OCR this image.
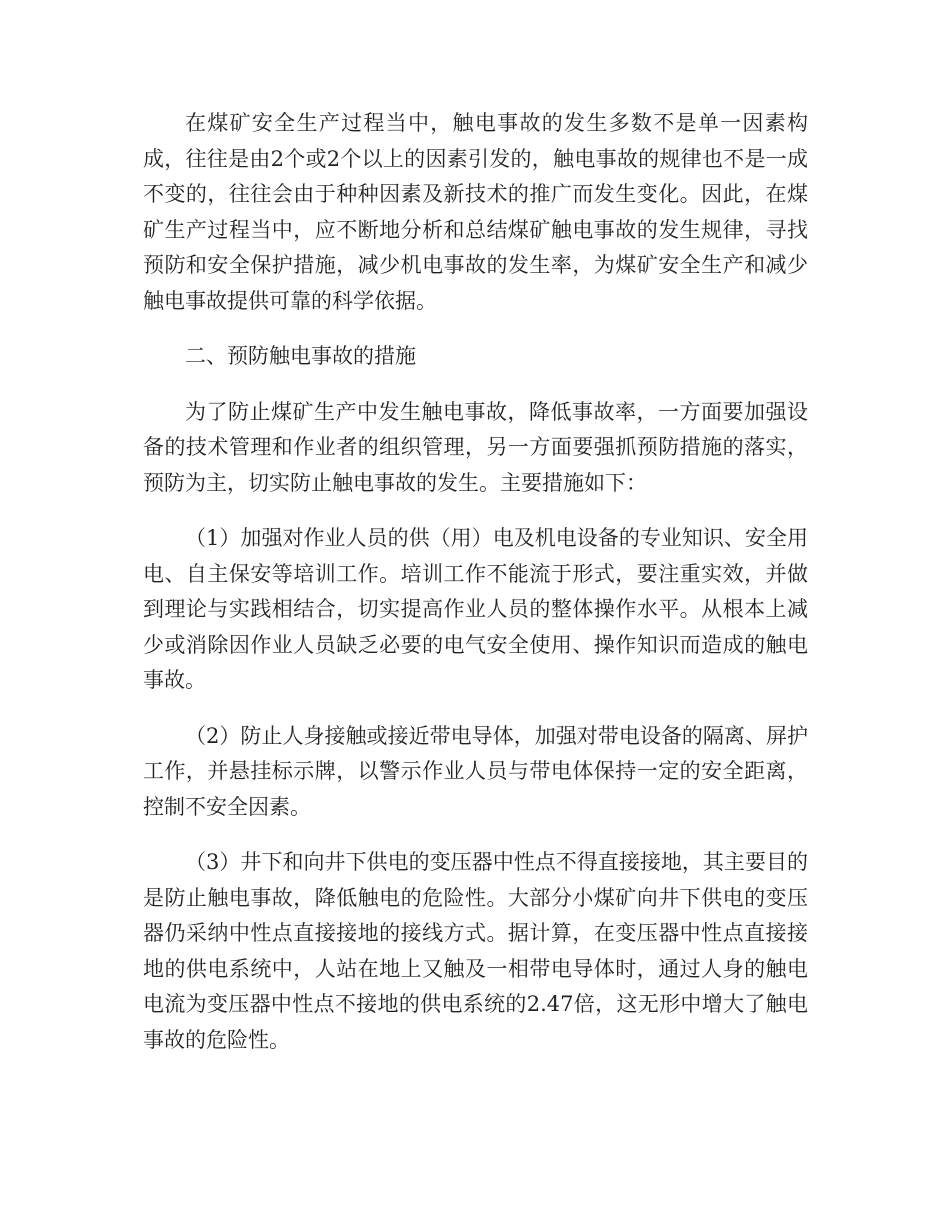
在煤矿安全生产过程当中，触电事故的发生多数不是单一因素构成，往往是由2个或2个以上的因素引发的，触电事故的规律也不是一成不变的，往往会由于种种因素及新技术的推广而发生变化。因此，在煤矿生产过程当中，应不断地分析和总结煤矿触电事故的发生规律，寻找预防和安全保护措施，减少机电事故的发生率，为煤矿安全生产和减少触电事故提供可靠的科学依据。

二、预防触电事故的措施

为了防止煤矿生产中发生触电事故，降低事故率，一方面要加强设备的技术管理和作业者的组织管理，另一方面要强抓预防措施的落实，预防为主，切实防止触电事故的发生。主要措施如下：

（1）加强对作业人员的供（用）电及机电设备的专业知识、安全用电、自主保安等培训工作。培训工作不能流于形式，要注重实效，并做到理论与实践相结合，切实提高作业人员的整体操作水平。从根本上减少或消除因作业人员缺乏必要的电气安全使用、操作知识而造成的触电事故。

（2）防止人身接触或接近带电导体，加强对带电设备的隔离、屏护工作，并悬挂标示牌，以警示作业人员与带电体保持一定的安全距离，控制不安全因素。

（3）井下和向井下供电的变压器中性点不得直接接地，其主要目的是防止触电事故，降低触电的危险性。大部分小煤矿向井下供电的变压器仍采纳中性点直接接地的接线方式。据计算，在变压器中性点直接接地的供电系统中，人站在地上又触及一相带电导体时，通过人身的触电电流为变压器中性点不接地的供电系统的2.47倍，这无形中增大了触电事故的危险性。
